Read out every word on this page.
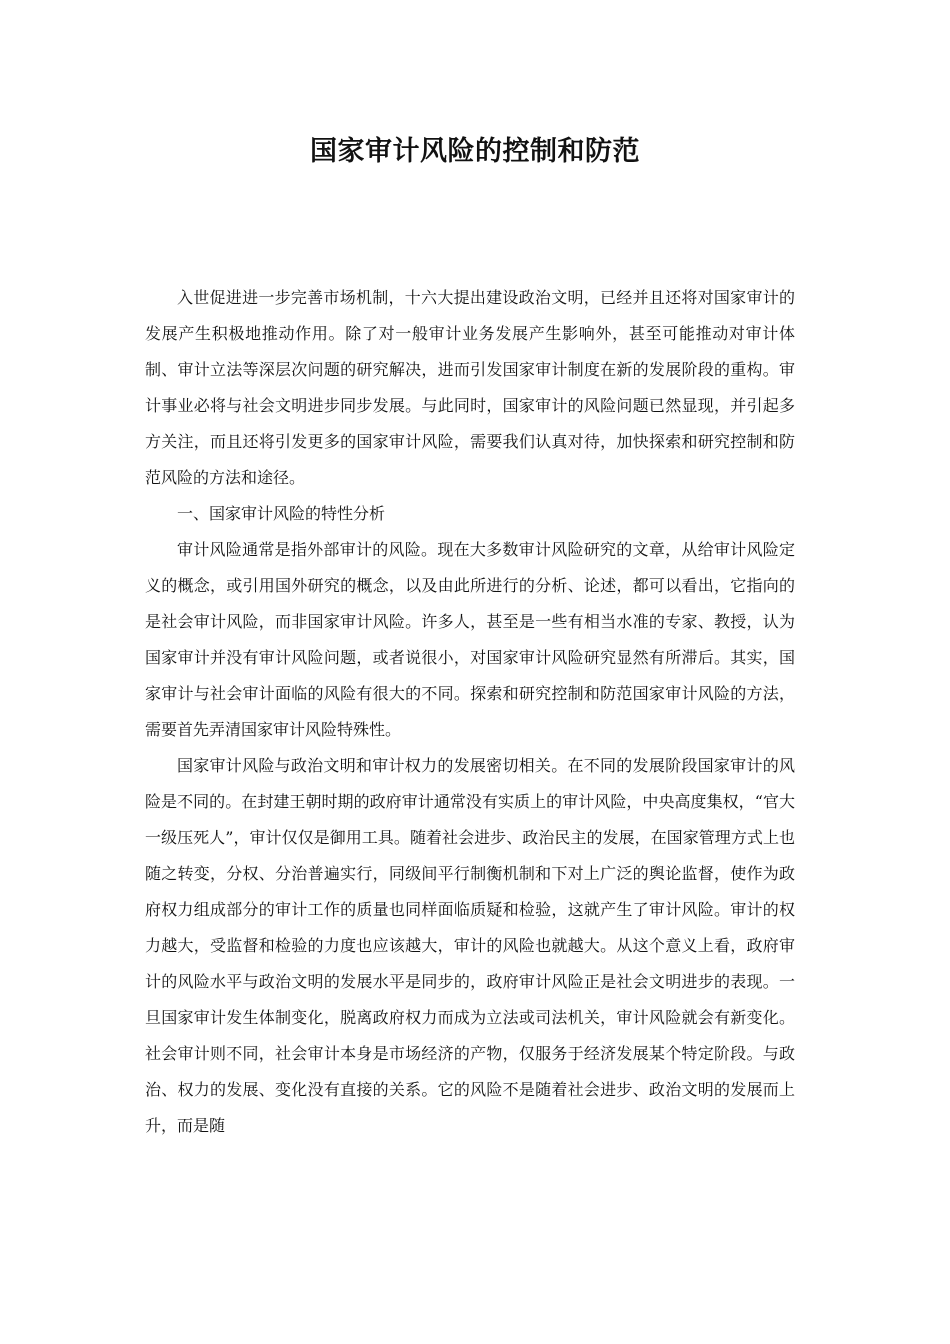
国家审计风险的控制和防范

入世促进进一步完善市场机制，十六大提出建设政治文明，已经并且还将对国家审计的发展产生积极地推动作用。除了对一般审计业务发展产生影响外，甚至可能推动对审计体制、审计立法等深层次问题的研究解决，进而引发国家审计制度在新的发展阶段的重构。审计事业必将与社会文明进步同步发展。与此同时，国家审计的风险问题已然显现，并引起多方关注，而且还将引发更多的国家审计风险，需要我们认真对待，加快探索和研究控制和防范风险的方法和途径。

一、国家审计风险的特性分析

审计风险通常是指外部审计的风险。现在大多数审计风险研究的文章，从给审计风险定义的概念，或引用国外研究的概念，以及由此所进行的分析、论述，都可以看出，它指向的是社会审计风险，而非国家审计风险。许多人，甚至是一些有相当水准的专家、教授，认为国家审计并没有审计风险问题，或者说很小，对国家审计风险研究显然有所滞后。其实，国家审计与社会审计面临的风险有很大的不同。探索和研究控制和防范国家审计风险的方法，需要首先弄清国家审计风险特殊性。

国家审计风险与政治文明和审计权力的发展密切相关。在不同的发展阶段国家审计的风险是不同的。在封建王朝时期的政府审计通常没有实质上的审计风险，中央高度集权，“官大一级压死人”，审计仅仅是御用工具。随着社会进步、政治民主的发展，在国家管理方式上也随之转变，分权、分治普遍实行，同级间平行制衡机制和下对上广泛的舆论监督，使作为政府权力组成部分的审计工作的质量也同样面临质疑和检验，这就产生了审计风险。审计的权力越大，受监督和检验的力度也应该越大，审计的风险也就越大。从这个意义上看，政府审计的风险水平与政治文明的发展水平是同步的，政府审计风险正是社会文明进步的表现。一旦国家审计发生体制变化，脱离政府权力而成为立法或司法机关，审计风险就会有新变化。社会审计则不同，社会审计本身是市场经济的产物，仅服务于经济发展某个特定阶段。与政治、权力的发展、变化没有直接的关系。它的风险不是随着社会进步、政治文明的发展而上升，而是随
